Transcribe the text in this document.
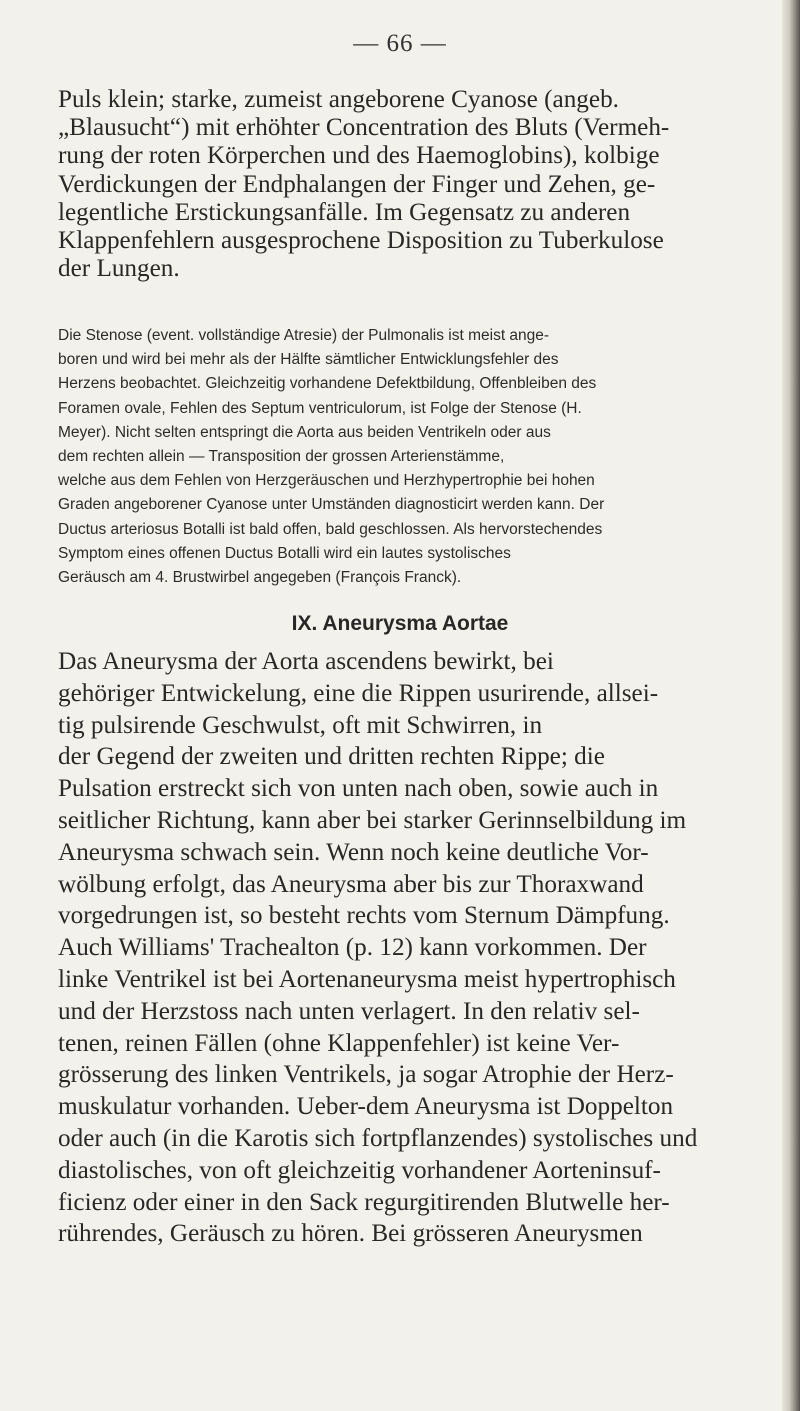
— 66 —
Puls klein; starke, zumeist angeborene Cyanose (angeb.
„Blausucht“) mit erhöhter Concentration des Bluts (Vermeh-
rung der roten Körperchen und des Haemoglobins), kolbige
Verdickungen der Endphalangen der Finger und Zehen, ge-
legentliche Erstickungsanfälle. Im Gegensatz zu anderen
Klappenfehlern ausgesprochene Disposition zu Tuberkulose
der Lungen.
Die Stenose (event. vollständige Atresie) der Pulmonalis ist meist ange-
boren und wird bei mehr als der Hälfte sämtlicher Entwicklungsfehler des
Herzens beobachtet. Gleichzeitig vorhandene Defektbildung, Offenbleiben des
Foramen ovale, Fehlen des Septum ventriculorum, ist Folge der Stenose (H.
Meyer). Nicht selten entspringt die Aorta aus beiden Ventrikeln oder aus
dem rechten allein — Transposition der grossen Arterienstämme,
welche aus dem Fehlen von Herzgeräuschen und Herzhypertrophie bei hohen
Graden angeborener Cyanose unter Umständen diagnosticirt werden kann. Der
Ductus arteriosus Botalli ist bald offen, bald geschlossen. Als hervorstechendes
Symptom eines offenen Ductus Botalli wird ein lautes systolisches
Geräusch am 4. Brustwirbel angegeben (François Franck).
IX. Aneurysma Aortae
Das Aneurysma der Aorta ascendens bewirkt, bei
gehöriger Entwickelung, eine die Rippen usurirende, allsei-
tig pulsirende Geschwulst, oft mit Schwirren, in
der Gegend der zweiten und dritten rechten Rippe; die
Pulsation erstreckt sich von unten nach oben, sowie auch in
seitlicher Richtung, kann aber bei starker Gerinnselbildung im
Aneurysma schwach sein. Wenn noch keine deutliche Vor-
wölbung erfolgt, das Aneurysma aber bis zur Thoraxwand
vorgedrungen ist, so besteht rechts vom Sternum Dämpfung.
Auch Williams' Trachealton (p. 12) kann vorkommen. Der
linke Ventrikel ist bei Aortenaneurysma meist hypertrophisch
und der Herzstoss nach unten verlagert. In den relativ sel-
tenen, reinen Fällen (ohne Klappenfehler) ist keine Ver-
grösserung des linken Ventrikels, ja sogar Atrophie der Herz-
muskulatur vorhanden. Ueber-dem Aneurysma ist Doppelton
oder auch (in die Karotis sich fortpflanzendes) systolisches und
diastolisches, von oft gleichzeitig vorhandener Aorteninsuf-
ficienz oder einer in den Sack regurgitirenden Blutwelle her-
rührendes, Geräusch zu hören. Bei grösseren Aneurysmen
